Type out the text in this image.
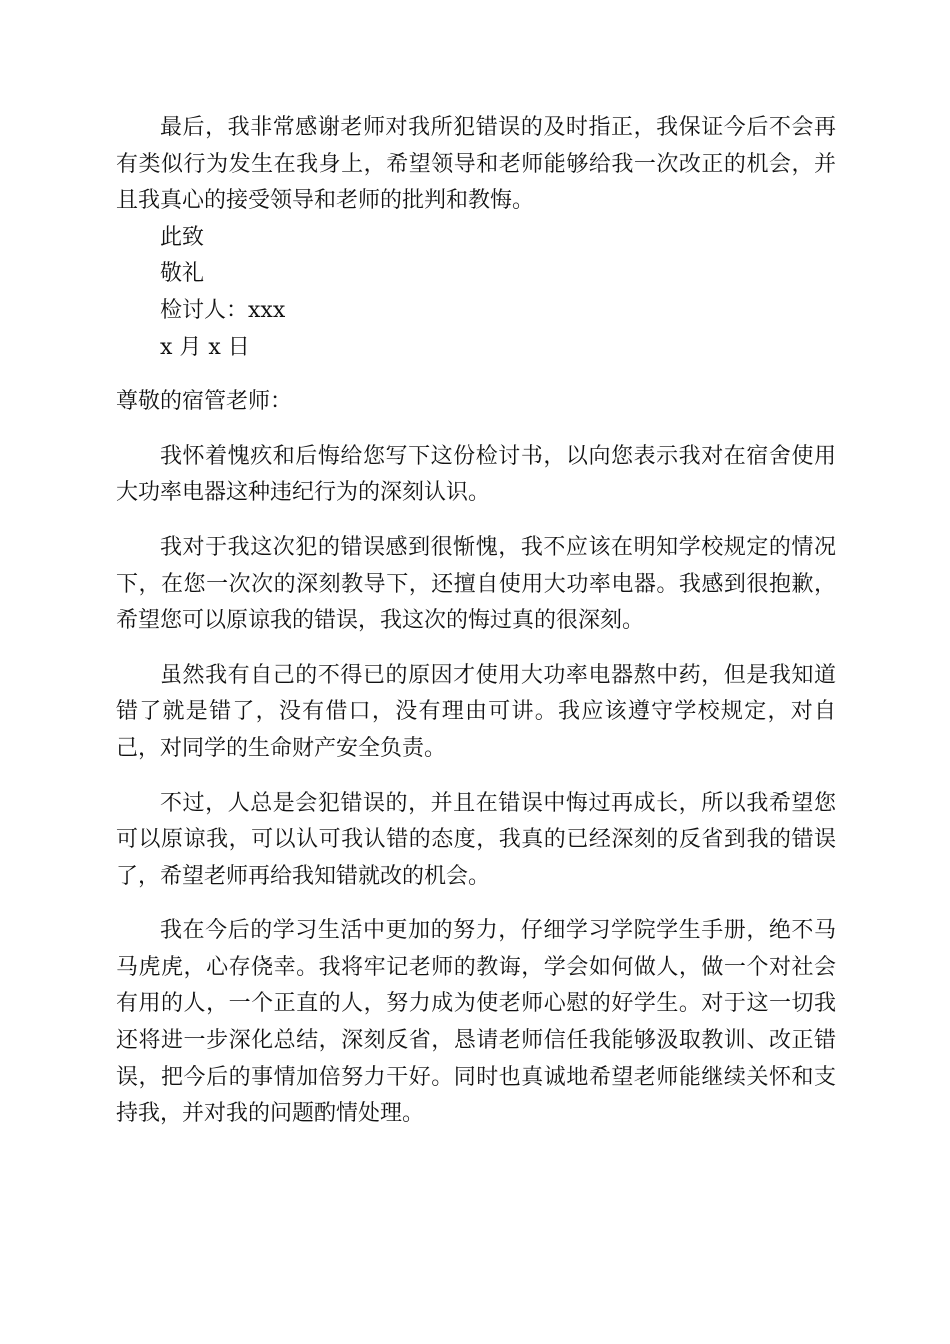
最后，我非常感谢老师对我所犯错误的及时指正，我保证今后不会再有类似行为发生在我身上，希望领导和老师能够给我一次改正的机会，并且我真心的接受领导和老师的批判和教悔。

此致

敬礼

检讨人：xxx

x 月 x 日

尊敬的宿管老师：

我怀着愧疚和后悔给您写下这份检讨书，以向您表示我对在宿舍使用大功率电器这种违纪行为的深刻认识。

我对于我这次犯的错误感到很惭愧，我不应该在明知学校规定的情况下，在您一次次的深刻教导下，还擅自使用大功率电器。我感到很抱歉，希望您可以原谅我的错误，我这次的悔过真的很深刻。

虽然我有自己的不得已的原因才使用大功率电器熬中药，但是我知道错了就是错了，没有借口，没有理由可讲。我应该遵守学校规定，对自己，对同学的生命财产安全负责。

不过，人总是会犯错误的，并且在错误中悔过再成长，所以我希望您可以原谅我，可以认可我认错的态度，我真的已经深刻的反省到我的错误了，希望老师再给我知错就改的机会。

我在今后的学习生活中更加的努力，仔细学习学院学生手册，绝不马马虎虎，心存侥幸。我将牢记老师的教诲，学会如何做人，做一个对社会有用的人，一个正直的人，努力成为使老师心慰的好学生。对于这一切我还将进一步深化总结，深刻反省，恳请老师信任我能够汲取教训、改正错误，把今后的事情加倍努力干好。同时也真诚地希望老师能继续关怀和支持我，并对我的问题酌情处理。
